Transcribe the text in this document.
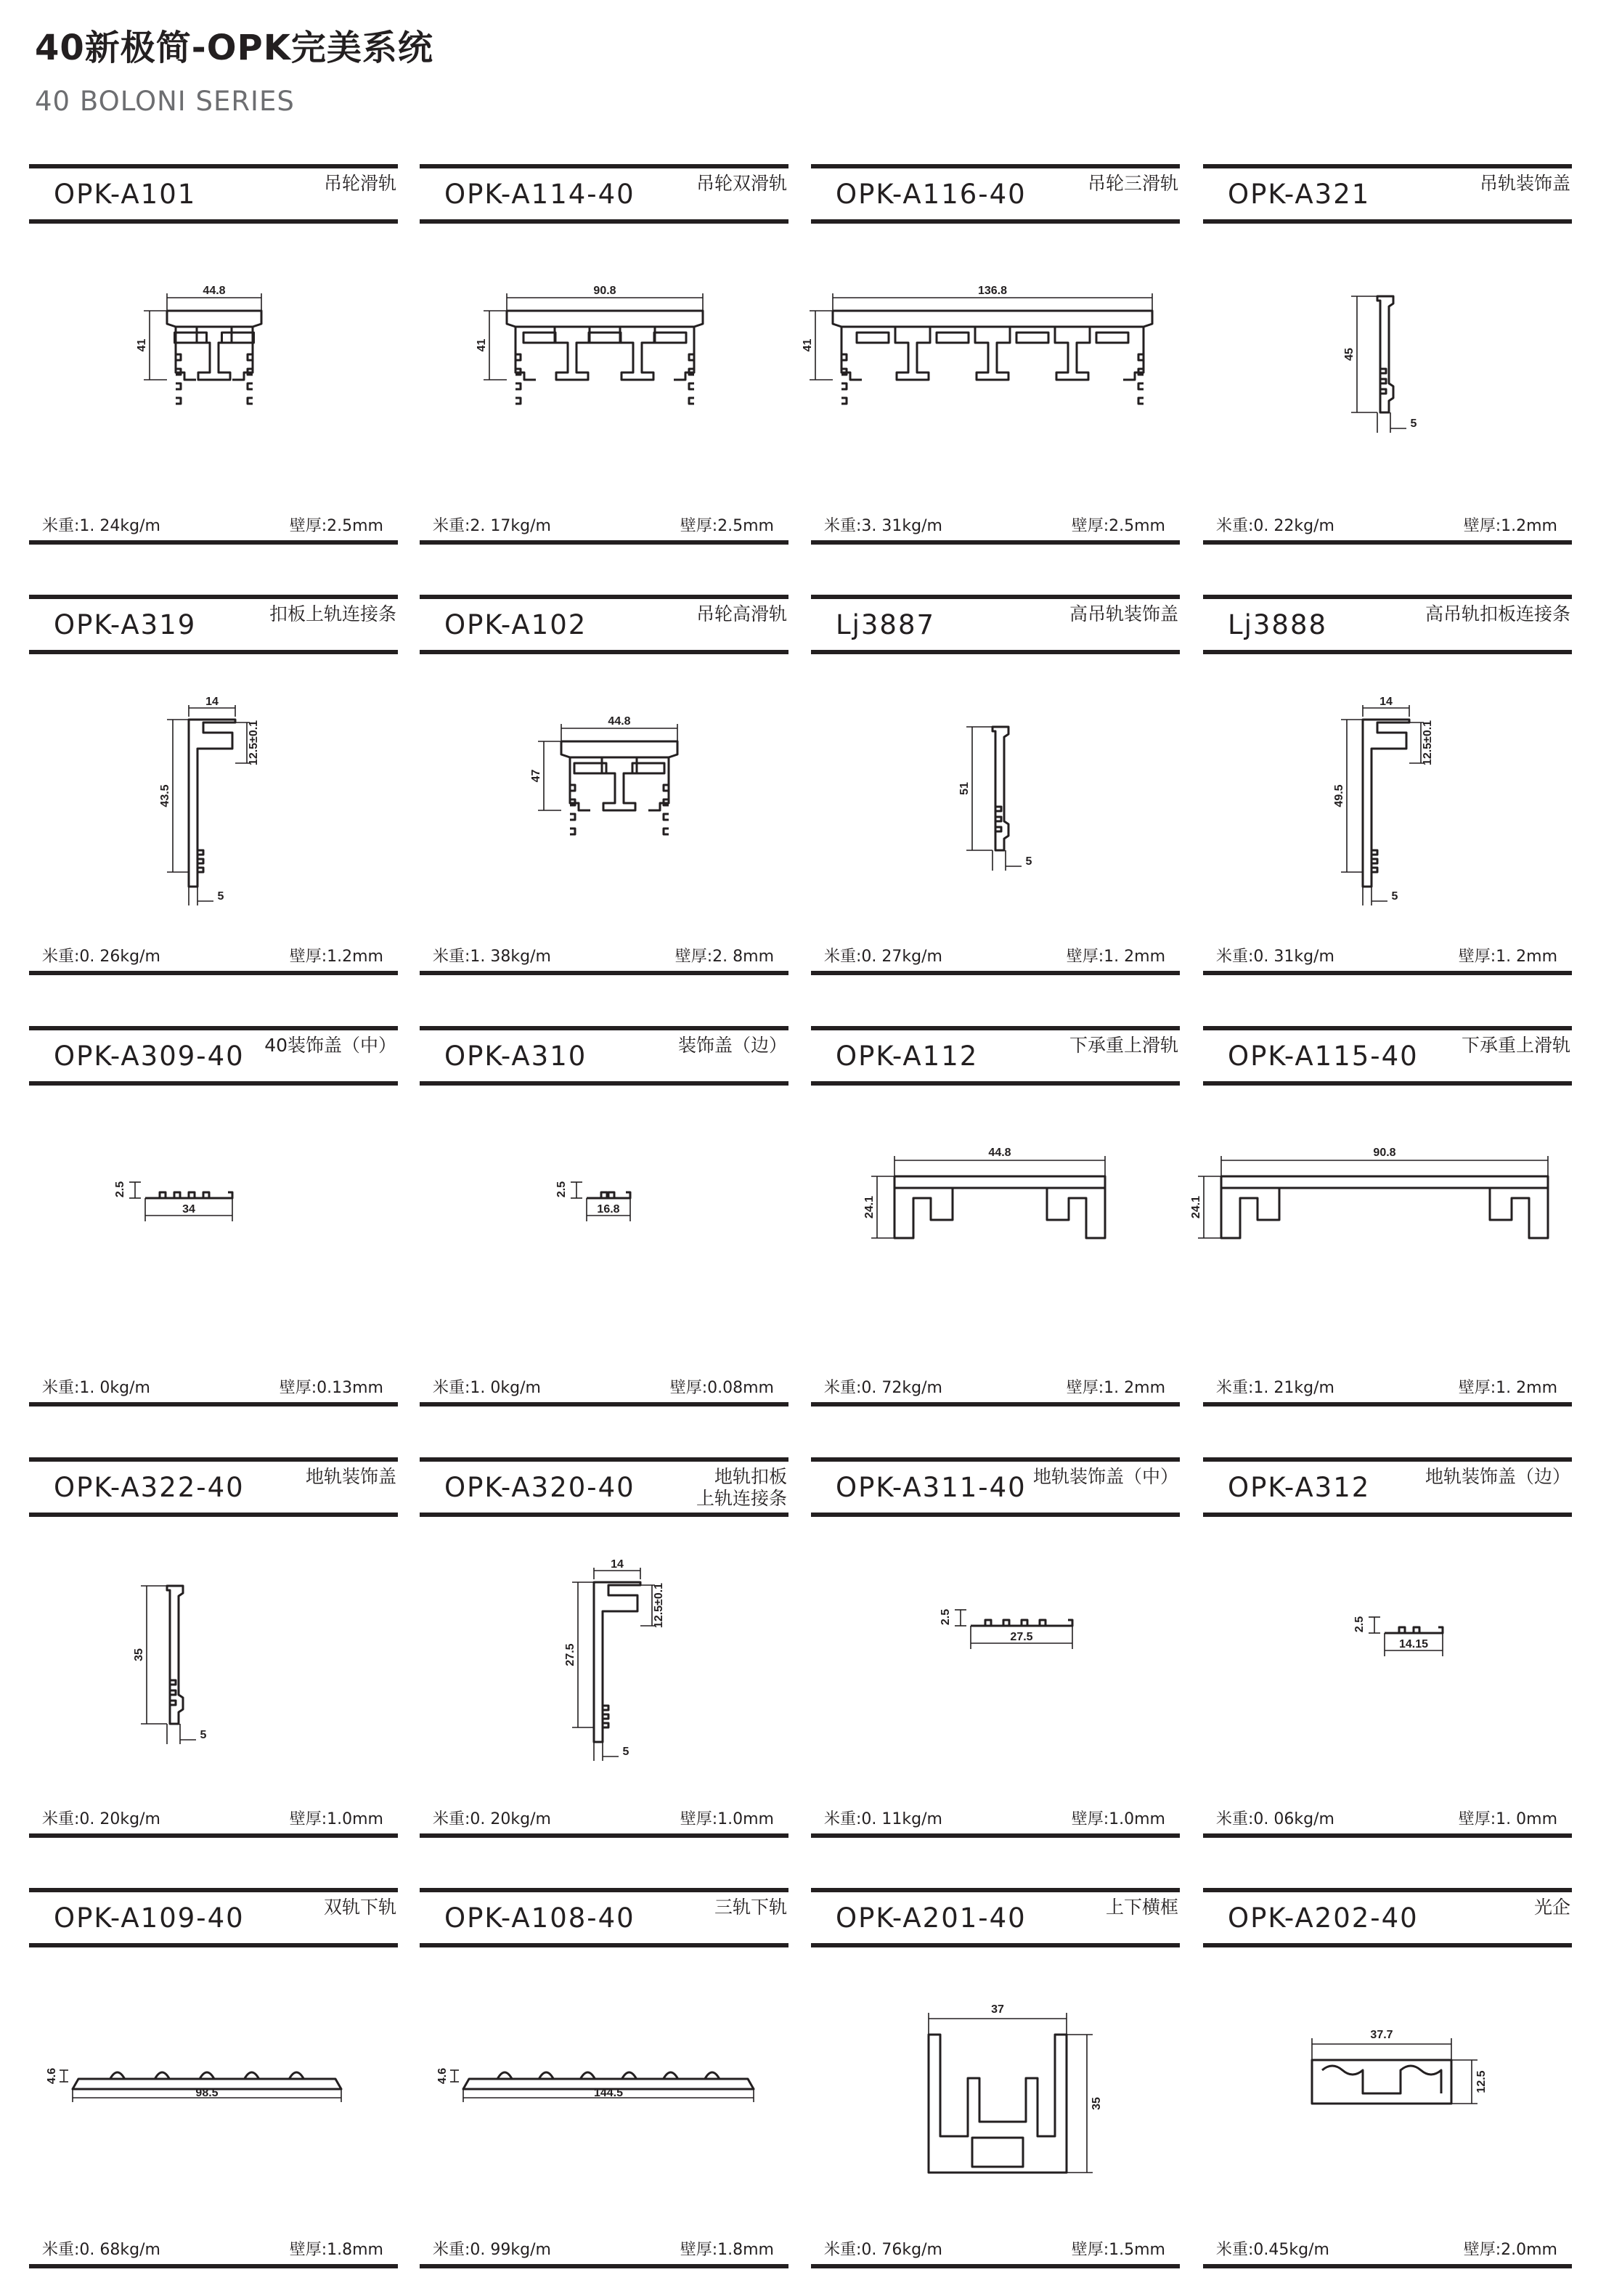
40新极简-OPK完美系统
40 BOLONI SERIES
OPK-A101	吊轮滑轨
44.8
41
米重:1. 24kg/m	壁厚:2.5mm
OPK-A114-40	吊轮双滑轨
90.8
41
米重:2. 17kg/m	壁厚:2.5mm
OPK-A116-40	吊轮三滑轨
136.8
41
米重:3. 31kg/m	壁厚:2.5mm
OPK-A321	吊轨装饰盖
45
5
米重:0. 22kg/m	壁厚:1.2mm
OPK-A319	扣板上轨连接条
14
43.5
12.5±0.1
5
米重:0. 26kg/m	壁厚:1.2mm
OPK-A102	吊轮高滑轨
44.8
47
米重:1. 38kg/m	壁厚:2. 8mm
Lj3887	高吊轨装饰盖
51
5
米重:0. 27kg/m	壁厚:1. 2mm
Lj3888	高吊轨扣板连接条
14
49.5
12.5±0.1
5
米重:0. 31kg/m	壁厚:1. 2mm
OPK-A309-40 40装饰盖（中）
2.5
34
米重:1. 0kg/m	壁厚:0.13mm
OPK-A310	装饰盖（边）
2.5
16.8
米重:1. 0kg/m	壁厚:0.08mm
OPK-A112	下承重上滑轨
44.8
24.1
米重:0. 72kg/m	壁厚:1. 2mm
OPK-A115-40 下承重上滑轨
90.8
24.1
米重:1. 21kg/m	壁厚:1. 2mm
OPK-A322-40	地轨装饰盖
35
5
米重:0. 20kg/m	壁厚:1.0mm
OPK-A320-40	地轨扣板
上轨连接条
14
27.5
12.5±0.1
5
米重:0. 20kg/m	壁厚:1.0mm
OPK-A311-40 地轨装饰盖（中）
2.5
27.5
米重:0. 11kg/m	壁厚:1.0mm
OPK-A312	地轨装饰盖（边）
2.5
14.15
米重:0. 06kg/m	壁厚:1. 0mm
OPK-A109-40	双轨下轨
4.6
98.5
米重:0. 68kg/m	壁厚:1.8mm
OPK-A108-40	三轨下轨
4.6
144.5
米重:0. 99kg/m	壁厚:1.8mm
OPK-A201-40	上下横框
37
35
米重:0. 76kg/m	壁厚:1.5mm
OPK-A202-40	光企
37.7
12.5
米重:0.45kg/m	壁厚:2.0mm
